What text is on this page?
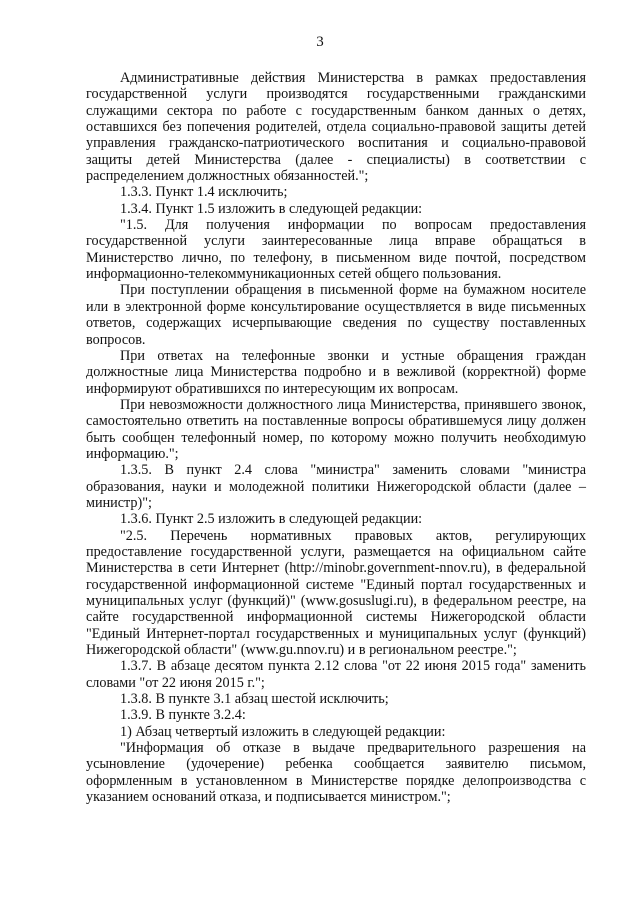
3

Административные действия Министерства в рамках предоставления государственной услуги производятся государственными гражданскими служащими сектора по работе с государственным банком данных о детях, оставшихся без попечения родителей, отдела социально-правовой защиты детей управления гражданско-патриотического воспитания и социально-правовой защиты детей Министерства (далее - специалисты) в соответствии с распределением должностных обязанностей.";

1.3.3. Пункт 1.4 исключить;

1.3.4. Пункт 1.5 изложить в следующей редакции:

"1.5. Для получения информации по вопросам предоставления государственной услуги заинтересованные лица вправе обращаться в Министерство лично, по телефону, в письменном виде почтой, посредством информационно-телекоммуникационных сетей общего пользования.

При поступлении обращения в письменной форме на бумажном носителе или в электронной форме консультирование осуществляется в виде письменных ответов, содержащих исчерпывающие сведения по существу поставленных вопросов.

При ответах на телефонные звонки и устные обращения граждан должностные лица Министерства подробно и в вежливой (корректной) форме информируют обратившихся по интересующим их вопросам.

При невозможности должностного лица Министерства, принявшего звонок, самостоятельно ответить на поставленные вопросы обратившемуся лицу должен быть сообщен телефонный номер, по которому можно получить необходимую информацию.";

1.3.5. В пункт 2.4 слова "министра" заменить словами "министра образования, науки и молодежной политики Нижегородской области (далее – министр)";

1.3.6. Пункт 2.5 изложить в следующей редакции:

"2.5. Перечень нормативных правовых актов, регулирующих предоставление государственной услуги, размещается на официальном сайте Министерства в сети Интернет (http://minobr.government-nnov.ru), в федеральной государственной информационной системе "Единый портал государственных и муниципальных услуг (функций)" (www.gosuslugi.ru), в федеральном реестре, на сайте государственной информационной системы Нижегородской области "Единый Интернет-портал государственных и муниципальных услуг (функций) Нижегородской области" (www.gu.nnov.ru) и в региональном реестре.";

1.3.7. В абзаце десятом пункта 2.12 слова "от 22 июня 2015 года" заменить словами "от 22 июня 2015 г.";

1.3.8. В пункте 3.1 абзац шестой исключить;

1.3.9. В пункте 3.2.4:

1) Абзац четвертый изложить в следующей редакции:

"Информация об отказе в выдаче предварительного разрешения на усыновление (удочерение) ребенка сообщается заявителю письмом, оформленным в установленном в Министерстве порядке делопроизводства с указанием оснований отказа, и подписывается министром.";
